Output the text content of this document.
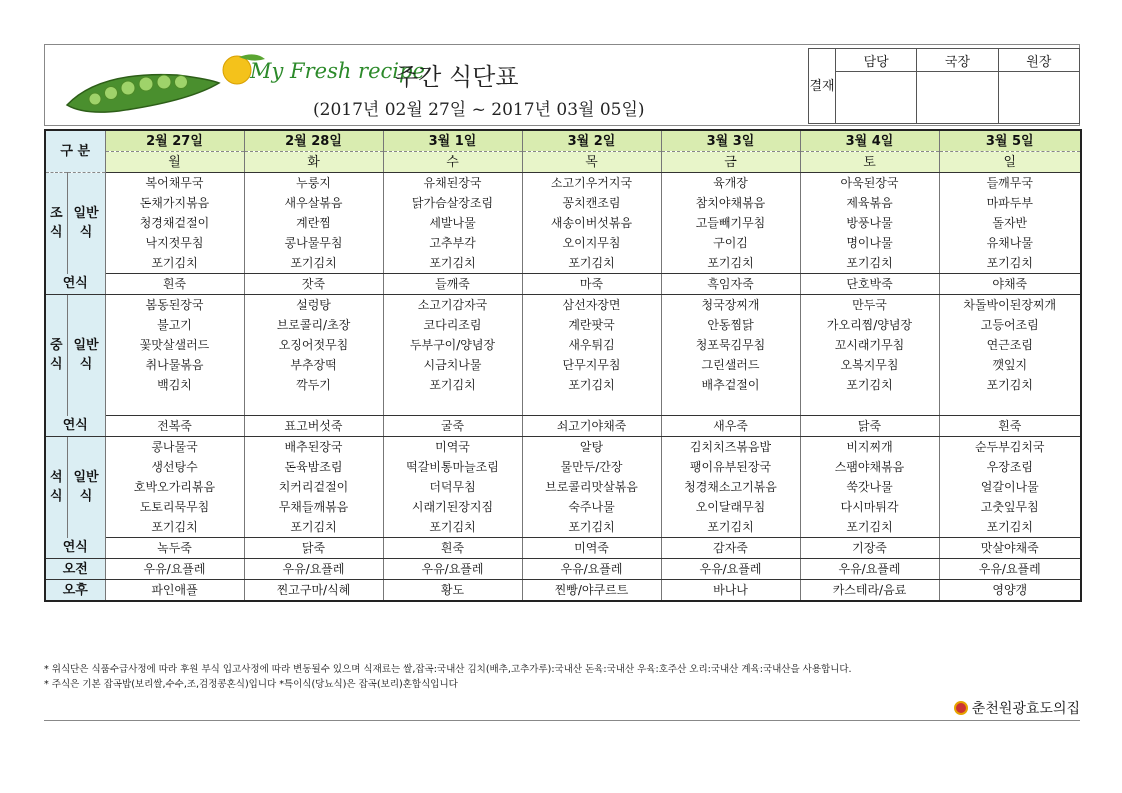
My Fresh recipe
주간 식단표
(2017년 02월 27일 ~ 2017년 03월 05일)
결재	담당	국장	원장

구 분		2월 27일	2월 28일	3월 1일	3월 2일	3월 3일	3월 4일	3월 5일
		월	화	수	목	금	토	일
조식	일반식	복어채무국	누룽지	유채된장국	소고기우거지국	육개장	아욱된장국	들깨무국
		돈채가지볶음	새우살볶음	닭가슴살장조림	꽁치캔조림	참치야채볶음	제육볶음	마파두부
		청경채겉절이	계란찜	세발나물	새송이버섯볶음	고들빼기무침	방풍나물	돌자반
		낙지젓무침	콩나물무침	고추부각	오이지무침	구이김	명이나물	유채나물
		포기김치	포기김치	포기김치	포기김치	포기김치	포기김치	포기김치
연식		흰죽	잣죽	들깨죽	마죽	흑임자죽	단호박죽	야채죽
중식	일반식	봄동된장국	설렁탕	소고기감자국	삼선자장면	청국장찌개	만두국	차돌박이된장찌개
		불고기	브로콜리/초장	코다리조림	계란팟국	안동찜닭	가오리찜/양념장	고등어조림
		꽃맛살샐러드	오징어젓무침	두부구이/양념장	새우튀김	청포묵김무침	꼬시래기무침	연근조림
		취나물볶음	부추장떡	시금치나물	단무지무침	그린샐러드	오복지무침	깻잎지
		백김치	깍두기	포기김치	포기김치	배추겉절이	포기김치	포기김치

연식		전복죽	표고버섯죽	굴죽	쇠고기야채죽	새우죽	닭죽	흰죽
석식	일반식	콩나물국	배추된장국	미역국	알탕	김치치즈볶음밥	비지찌개	순두부김치국
		생선탕수	돈육밤조림	떡갈비통마늘조림	물만두/간장	팽이유부된장국	스팸야채볶음	우장조림
		호박오가리볶음	치커리겉절이	더덕무침	브로콜리맛살볶음	청경채소고기볶음	쑥갓나물	얼갈이나물
		도토리묵무침	무채들깨볶음	시래기된장지짐	숙주나물	오이달래무침	다시마튀각	고춧잎무침
		포기김치	포기김치	포기김치	포기김치	포기김치	포기김치	포기김치
연식		녹두죽	닭죽	흰죽	미역죽	감자죽	기장죽	맛살야채죽
오전		우유/요플레	우유/요플레	우유/요플레	우유/요플레	우유/요플레	우유/요플레	우유/요플레
오후		파인애플	찐고구마/식혜	황도	찐빵/야쿠르트	바나나	카스테라/음료	영양갱
* 위식단은 식품수급사정에 따라 후원 부식 입고사정에 따라 변동될수 있으며 식재료는 쌀,잡곡:국내산 김치(배추,고추가루):국내산 돈육:국내산 우육:호주산 오리:국내산 계육:국내산을 사용합니다.
* 주식은 기본 잡곡밥(보리쌀,수수,조,검정콩혼식)입니다 *특이식(당뇨식)은 잡곡(보리)혼합식입니다
춘천원광효도의집
